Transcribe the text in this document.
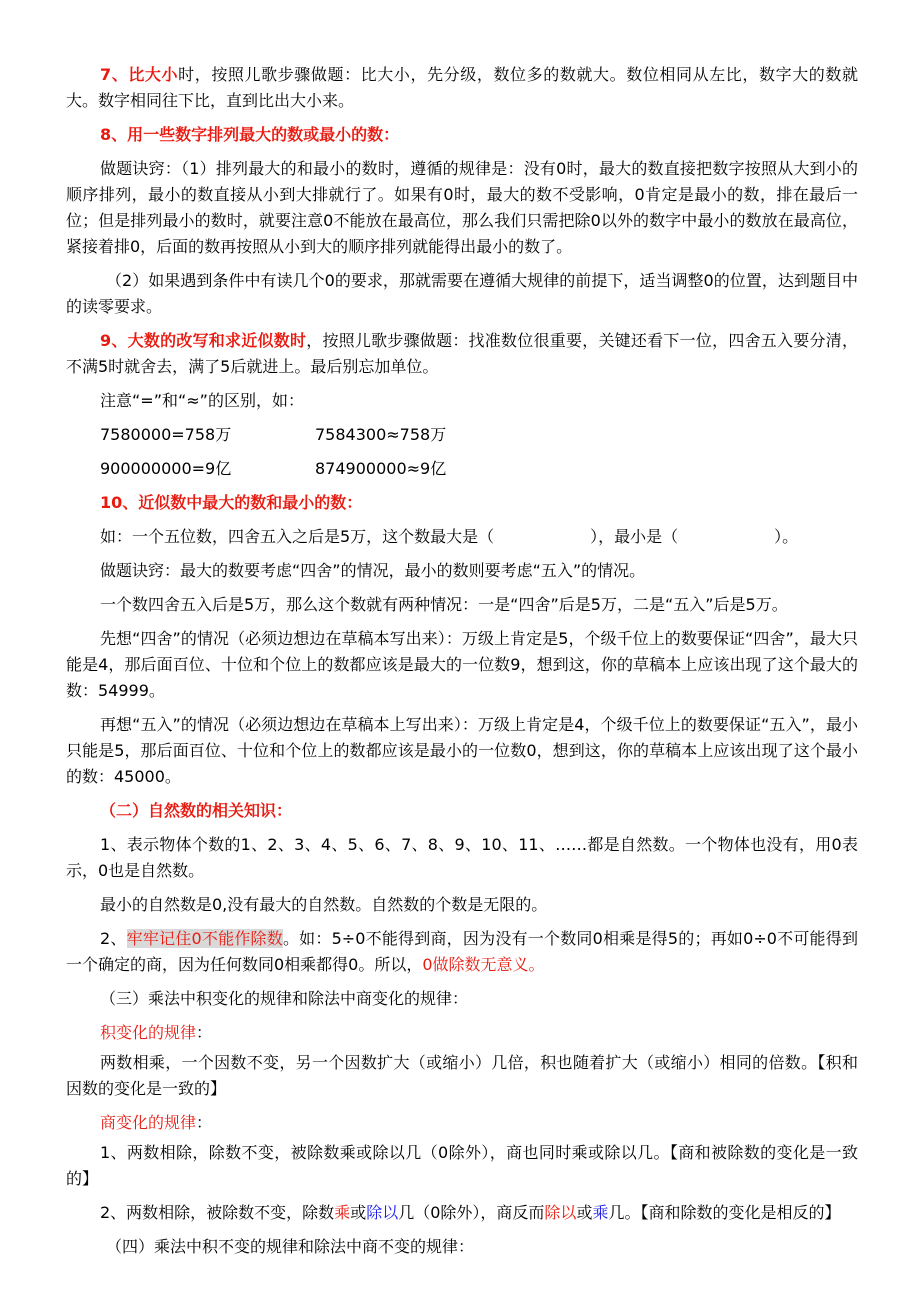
7、比大小时，按照儿歌步骤做题：比大小，先分级，数位多的数就大。数位相同从左比，数字大的数就大。数字相同往下比，直到比出大小来。

8、用一些数字排列最大的数或最小的数：

做题诀窍：（1）排列最大的和最小的数时，遵循的规律是：没有0时，最大的数直接把数字按照从大到小的顺序排列，最小的数直接从小到大排就行了。如果有0时，最大的数不受影响，0肯定是最小的数，排在最后一位；但是排列最小的数时，就要注意0不能放在最高位，那么我们只需把除0以外的数字中最小的数放在最高位，紧接着排0，后面的数再按照从小到大的顺序排列就能得出最小的数了。

（2）如果遇到条件中有读几个0的要求，那就需要在遵循大规律的前提下，适当调整0的位置，达到题目中的读零要求。

9、大数的改写和求近似数时，按照儿歌步骤做题：找准数位很重要，关键还看下一位，四舍五入要分清，不满5时就舍去，满了5后就进上。最后别忘加单位。

注意“=”和“≈”的区别，如：

7580000=758万	7584300≈758万
900000000=9亿	874900000≈9亿

10、近似数中最大的数和最小的数：

如：一个五位数，四舍五入之后是5万，这个数最大是（　　　　　　），最小是（　　　　　　）。

做题诀窍：最大的数要考虑“四舍”的情况，最小的数则要考虑“五入”的情况。

一个数四舍五入后是5万，那么这个数就有两种情况：一是“四舍”后是5万，二是“五入”后是5万。

先想“四舍”的情况（必须边想边在草稿本写出来）：万级上肯定是5，个级千位上的数要保证“四舍”，最大只能是4，那后面百位、十位和个位上的数都应该是最大的一位数9，想到这，你的草稿本上应该出现了这个最大的数：54999。

再想“五入”的情况（必须边想边在草稿本上写出来）：万级上肯定是4，个级千位上的数要保证“五入”，最小只能是5，那后面百位、十位和个位上的数都应该是最小的一位数0，想到这，你的草稿本上应该出现了这个最小的数：45000。

（二）自然数的相关知识：

1、表示物体个数的1、2、3、4、5、6、7、8、9、10、11、……都是自然数。一个物体也没有，用0表示，0也是自然数。

最小的自然数是0,没有最大的自然数。自然数的个数是无限的。

2、牢牢记住0不能作除数。如：5÷0不能得到商，因为没有一个数同0相乘是得5的；再如0÷0不可能得到一个确定的商，因为任何数同0相乘都得0。所以，0做除数无意义。

（三）乘法中积变化的规律和除法中商变化的规律：

积变化的规律：

两数相乘，一个因数不变，另一个因数扩大（或缩小）几倍，积也随着扩大（或缩小）相同的倍数。【积和因数的变化是一致的】

商变化的规律：

1、两数相除，除数不变，被除数乘或除以几（0除外），商也同时乘或除以几。【商和被除数的变化是一致的】

2、两数相除，被除数不变，除数乘或除以几（0除外），商反而除以或乘几。【商和除数的变化是相反的】

（四）乘法中积不变的规律和除法中商不变的规律：
